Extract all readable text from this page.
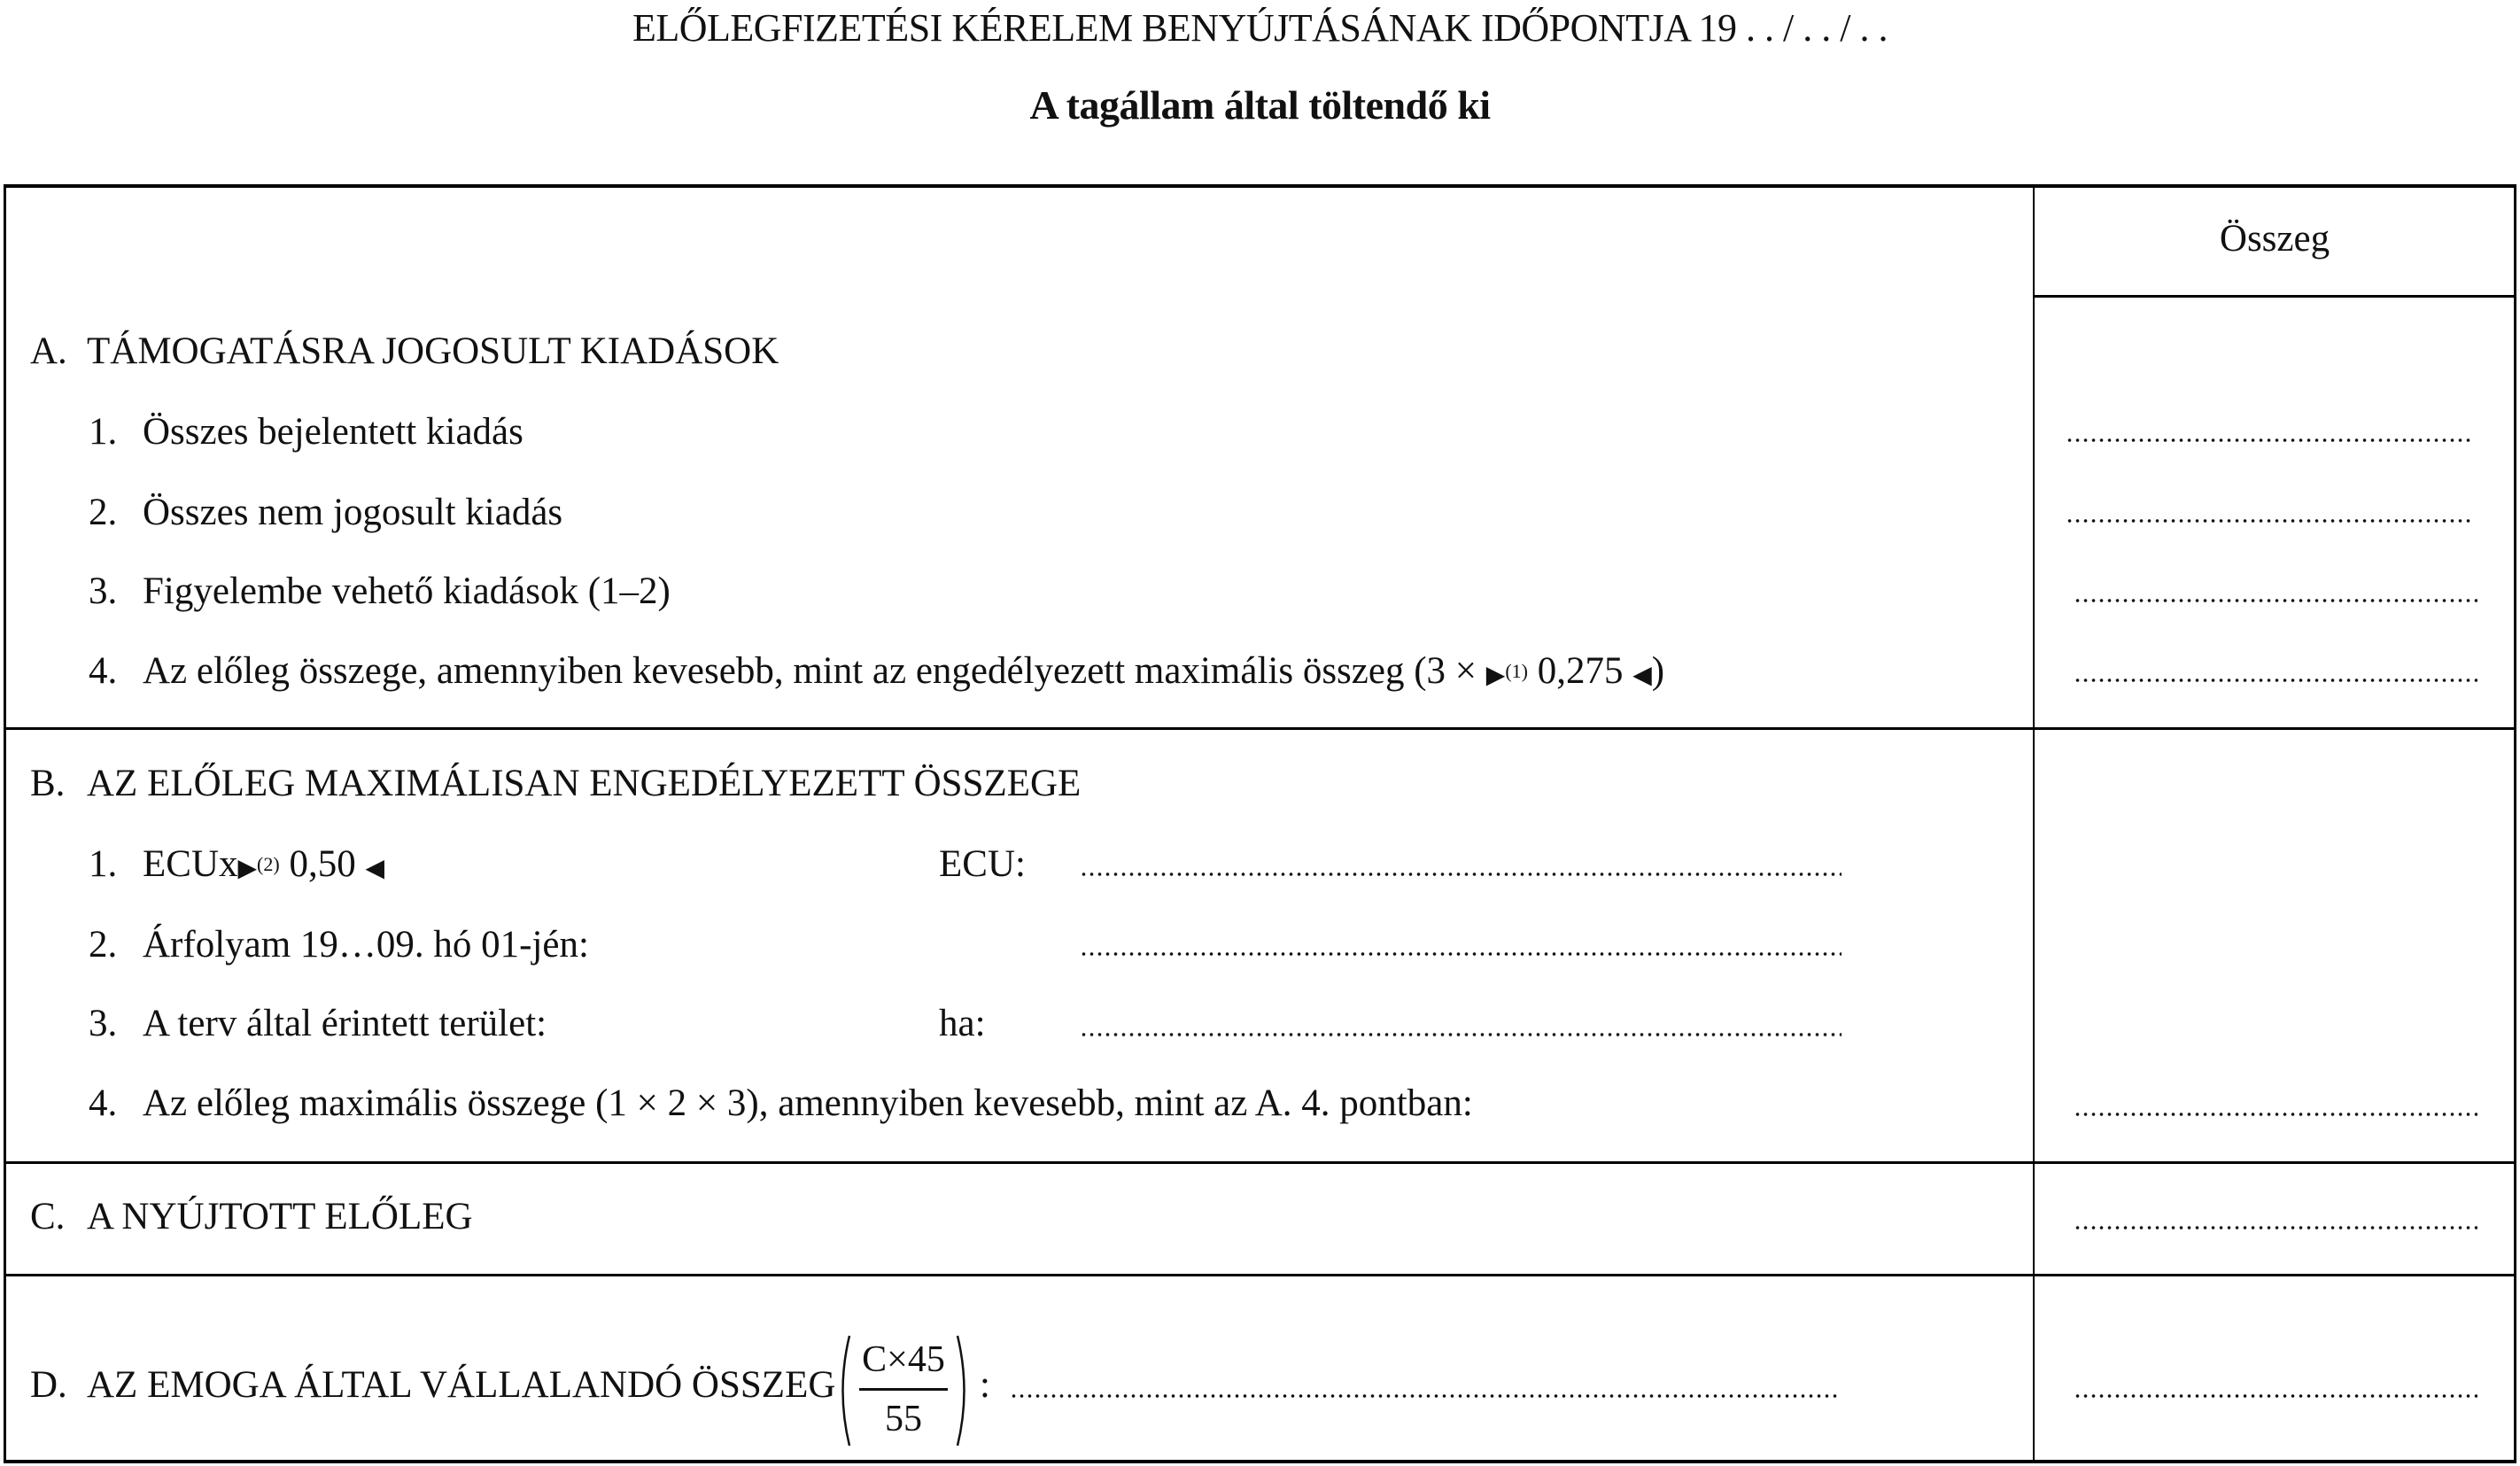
ELŐLEGFIZETÉSI KÉRELEM BENYÚJTÁSÁNAK IDŐPONTJA 19 . . / . . / . .
A tagállam által töltendő ki
Összeg
A. TÁMOGATÁSRA JOGOSULT KIADÁSOK
1. Összes bejelentett kiadás
2. Összes nem jogosult kiadás
3. Figyelembe vehető kiadások (1–2)
4. Az előleg összege, amennyiben kevesebb, mint az engedélyezett maximális összeg (3 × ▶$^{(1)}$ 0,275 ◀)
B. AZ ELŐLEG MAXIMÁLISAN ENGEDÉLYEZETT ÖSSZEGE
1. ECUx▶$^{(2)}$ 0,50 ◀	ECU:
2. Árfolyam 19…09. hó 01-jén:
3. A terv által érintett terület:	ha:
4. Az előleg maximális összege (1 × 2 × 3), amennyiben kevesebb, mint az A. 4. pontban:
C. A NYÚJTOTT ELŐLEG
D. AZ EMOGA ÁLTAL VÁLLALANDÓ ÖSSZEG
C×45
55
:
